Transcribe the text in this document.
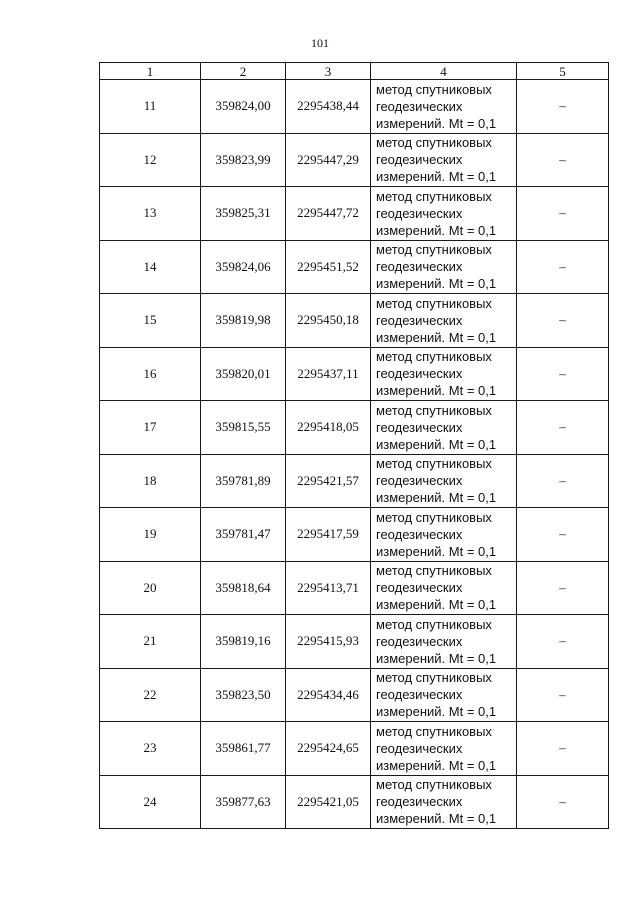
101
1	2	3	4	5
11	359824,00	2295438,44	метод спутниковых
геодезических
измерений. Mt = 0,1	–
12	359823,99	2295447,29	метод спутниковых
геодезических
измерений. Mt = 0,1	–
13	359825,31	2295447,72	метод спутниковых
геодезических
измерений. Mt = 0,1	–
14	359824,06	2295451,52	метод спутниковых
геодезических
измерений. Mt = 0,1	–
15	359819,98	2295450,18	метод спутниковых
геодезических
измерений. Mt = 0,1	–
16	359820,01	2295437,11	метод спутниковых
геодезических
измерений. Mt = 0,1	–
17	359815,55	2295418,05	метод спутниковых
геодезических
измерений. Mt = 0,1	–
18	359781,89	2295421,57	метод спутниковых
геодезических
измерений. Mt = 0,1	–
19	359781,47	2295417,59	метод спутниковых
геодезических
измерений. Mt = 0,1	–
20	359818,64	2295413,71	метод спутниковых
геодезических
измерений. Mt = 0,1	–
21	359819,16	2295415,93	метод спутниковых
геодезических
измерений. Mt = 0,1	–
22	359823,50	2295434,46	метод спутниковых
геодезических
измерений. Mt = 0,1	–
23	359861,77	2295424,65	метод спутниковых
геодезических
измерений. Mt = 0,1	–
24	359877,63	2295421,05	метод спутниковых
геодезических
измерений. Mt = 0,1	–
